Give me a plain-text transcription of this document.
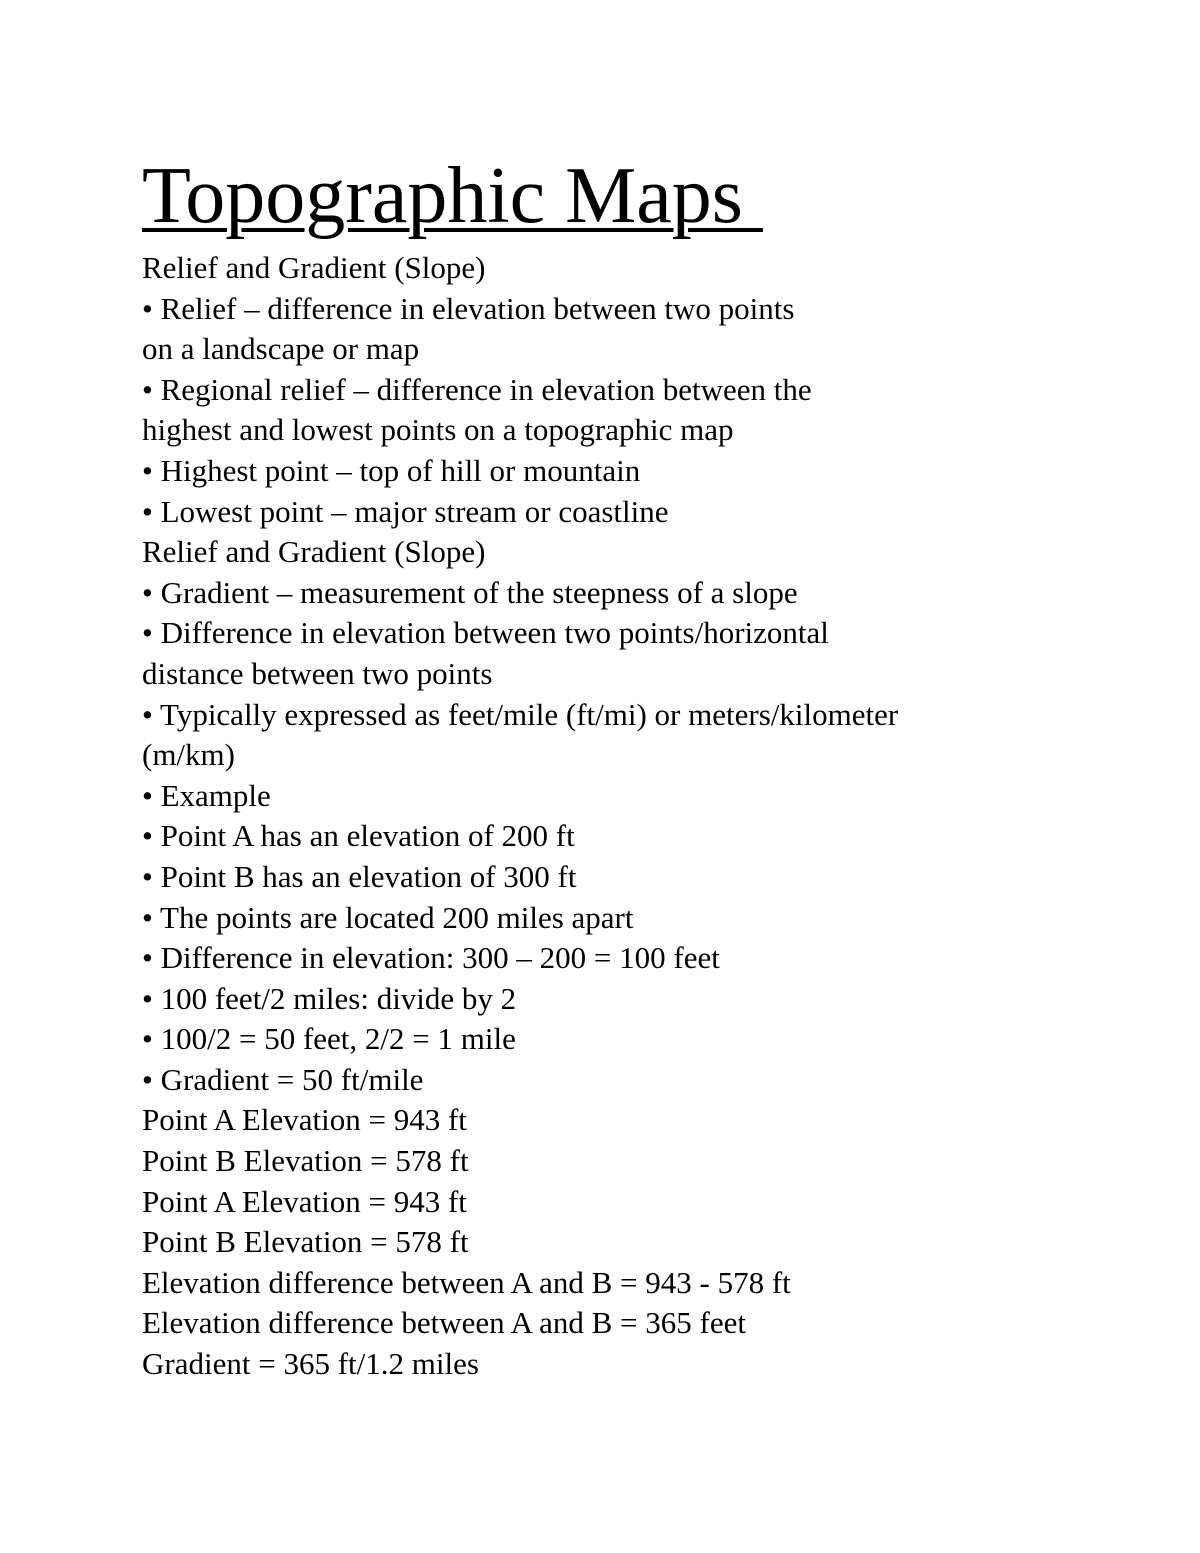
Topographic Maps

Relief and Gradient (Slope)

• Relief – difference in elevation between two points

on a landscape or map

• Regional relief – difference in elevation between the

highest and lowest points on a topographic map

• Highest point – top of hill or mountain

• Lowest point – major stream or coastline

Relief and Gradient (Slope)

• Gradient – measurement of the steepness of a slope

• Difference in elevation between two points/horizontal

distance between two points

• Typically expressed as feet/mile (ft/mi) or meters/kilometer

(m/km)

• Example

• Point A has an elevation of 200 ft

• Point B has an elevation of 300 ft

• The points are located 200 miles apart

• Difference in elevation: 300 – 200 = 100 feet

• 100 feet/2 miles: divide by 2

• 100/2 = 50 feet, 2/2 = 1 mile

• Gradient = 50 ft/mile

Point A Elevation = 943 ft

Point B Elevation = 578 ft

Point A Elevation = 943 ft

Point B Elevation = 578 ft

Elevation difference between A and B = 943 - 578 ft

Elevation difference between A and B = 365 feet

Gradient = 365 ft/1.2 miles
